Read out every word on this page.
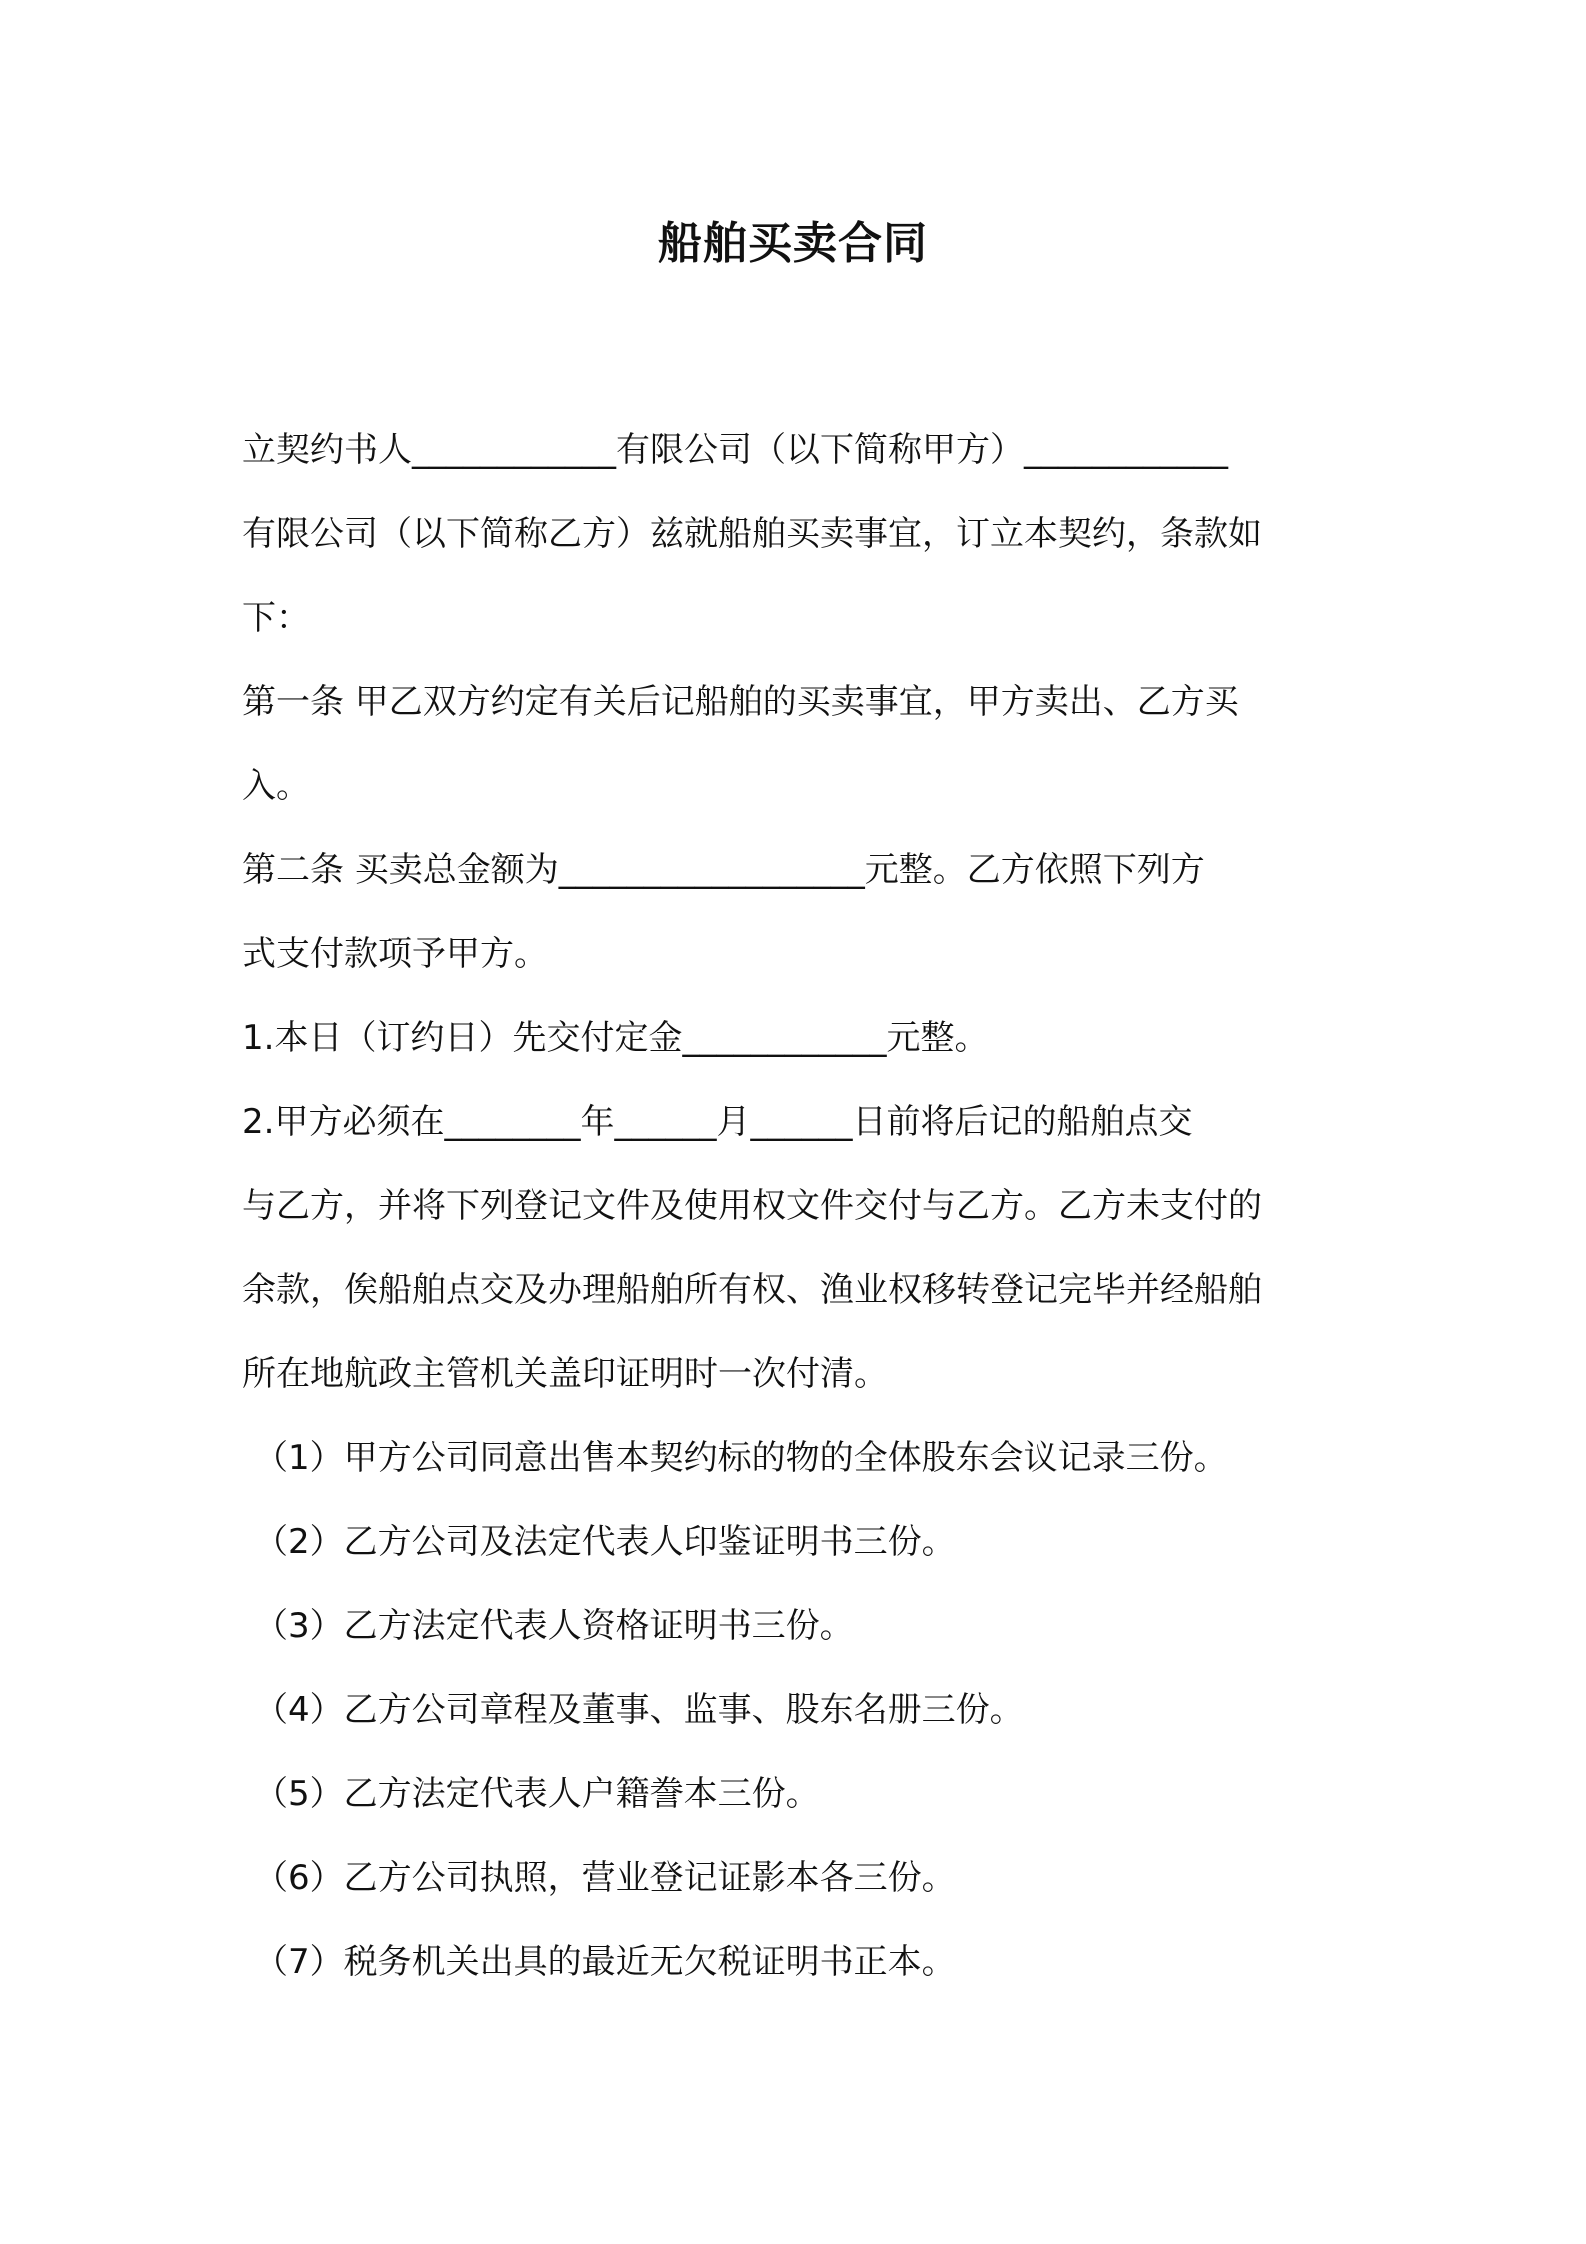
船舶买卖合同

立契约书人____________有限公司（以下简称甲方）____________

有限公司（以下简称乙方）兹就船舶买卖事宜，订立本契约，条款如

下：

第一条 甲乙双方约定有关后记船舶的买卖事宜，甲方卖出、乙方买

入。

第二条 买卖总金额为__________________元整。乙方依照下列方

式支付款项予甲方。

1.本日（订约日）先交付定金____________元整。

2.甲方必须在________年______月______日前将后记的船舶点交

与乙方，并将下列登记文件及使用权文件交付与乙方。乙方未支付的

余款，俟船舶点交及办理船舶所有权、渔业权移转登记完毕并经船舶

所在地航政主管机关盖印证明时一次付清。

（1）甲方公司同意出售本契约标的物的全体股东会议记录三份。

（2）乙方公司及法定代表人印鉴证明书三份。

（3）乙方法定代表人资格证明书三份。

（4）乙方公司章程及董事、监事、股东名册三份。

（5）乙方法定代表人户籍誊本三份。

（6）乙方公司执照，营业登记证影本各三份。

（7）税务机关出具的最近无欠税证明书正本。
